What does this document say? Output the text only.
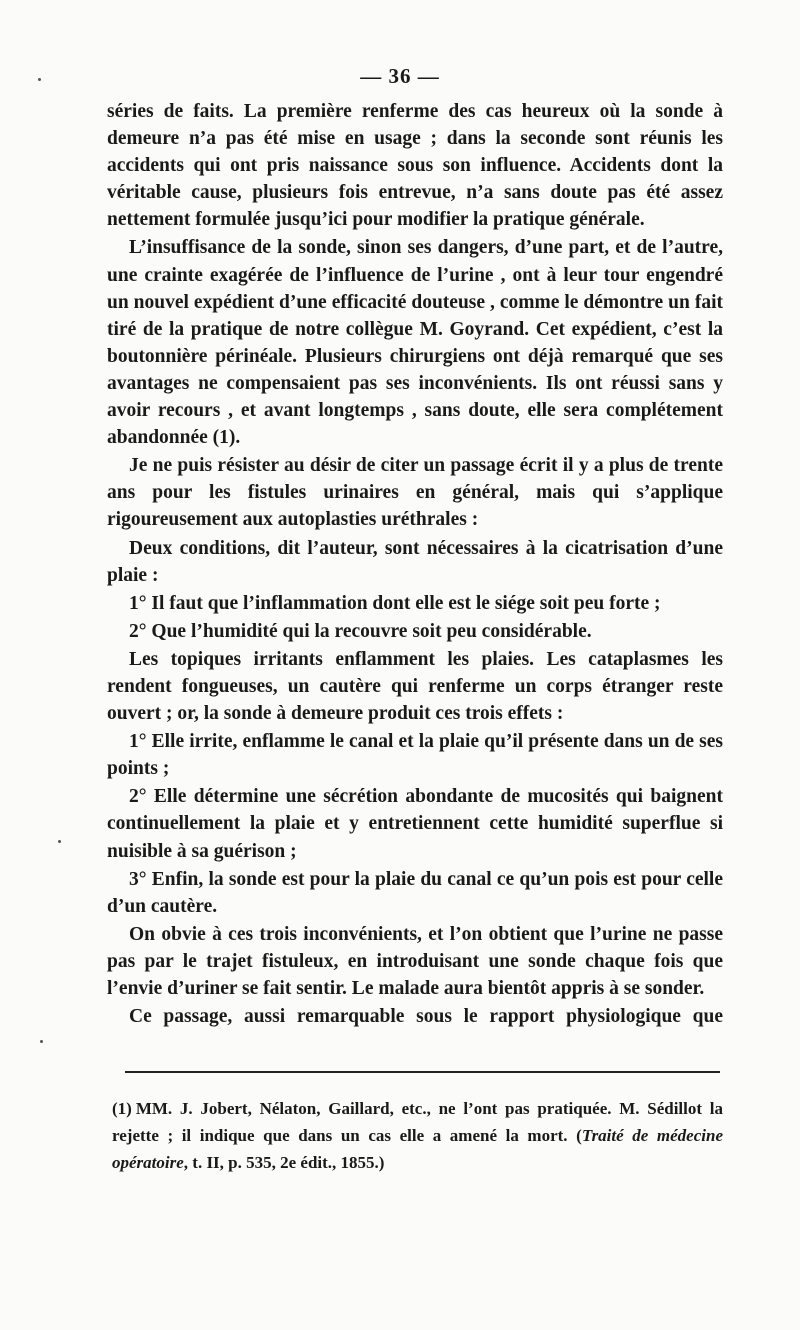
— 36 —

séries de faits. La première renferme des cas heureux où la sonde à demeure n’a pas été mise en usage ; dans la seconde sont réunis les accidents qui ont pris naissance sous son influence. Accidents dont la véritable cause, plusieurs fois entrevue, n’a sans doute pas été assez nettement formulée jusqu’ici pour modifier la pratique générale.

L’insuffisance de la sonde, sinon ses dangers, d’une part, et de l’autre, une crainte exagérée de l’influence de l’urine , ont à leur tour engendré un nouvel expédient d’une efficacité douteuse , comme le démontre un fait tiré de la pratique de notre collègue M. Goyrand. Cet expédient, c’est la boutonnière périnéale. Plusieurs chirurgiens ont déjà remarqué que ses avantages ne compensaient pas ses inconvénients. Ils ont réussi sans y avoir recours , et avant longtemps , sans doute, elle sera complétement abandonnée (1).

Je ne puis résister au désir de citer un passage écrit il y a plus de trente ans pour les fistules urinaires en général, mais qui s’applique rigoureusement aux autoplasties uréthrales :

Deux conditions, dit l’auteur, sont nécessaires à la cicatrisation d’une plaie :

1° Il faut que l’inflammation dont elle est le siége soit peu forte ;

2° Que l’humidité qui la recouvre soit peu considérable.

Les topiques irritants enflamment les plaies. Les cataplasmes les rendent fongueuses, un cautère qui renferme un corps étranger reste ouvert ; or, la sonde à demeure produit ces trois effets :

1° Elle irrite, enflamme le canal et la plaie qu’il présente dans un de ses points ;

2° Elle détermine une sécrétion abondante de mucosités qui baignent continuellement la plaie et y entretiennent cette humidité superflue si nuisible à sa guérison ;

3° Enfin, la sonde est pour la plaie du canal ce qu’un pois est pour celle d’un cautère.

On obvie à ces trois inconvénients, et l’on obtient que l’urine ne passe pas par le trajet fistuleux, en introduisant une sonde chaque fois que l’envie d’uriner se fait sentir. Le malade aura bientôt appris à se sonder.

Ce passage, aussi remarquable sous le rapport physiologique que

(1) MM. J. Jobert, Nélaton, Gaillard, etc., ne l’ont pas pratiquée. M. Sédillot la rejette ; il indique que dans un cas elle a amené la mort. (Traité de médecine opératoire, t. II, p. 535, 2e édit., 1855.)
